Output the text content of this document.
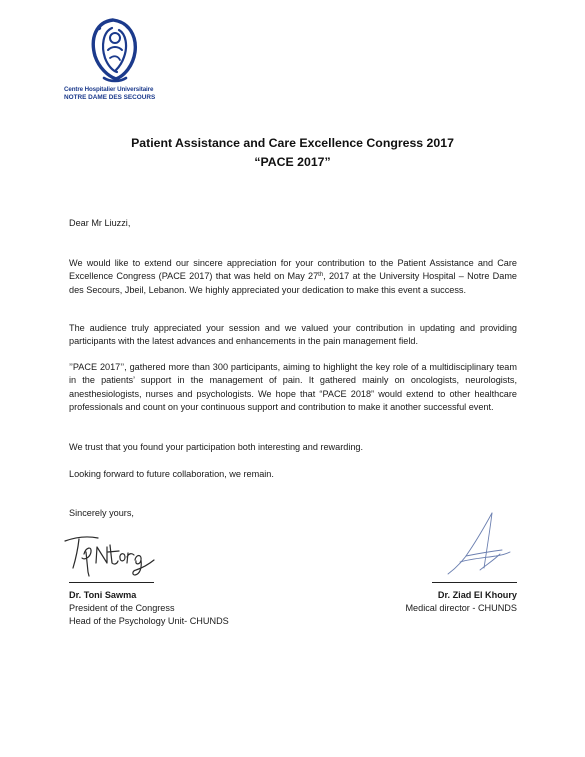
Centre Hospitalier Universitaire
NOTRE DAME DES SECOURS
Patient Assistance and Care Excellence Congress 2017
“PACE 2017”
Dear Mr Liuzzi,
We would like to extend our sincere appreciation for your contribution to the Patient Assistance and Care Excellence Congress (PACE 2017) that was held on May 27th, 2017 at the University Hospital – Notre Dame des Secours, Jbeil, Lebanon. We highly appreciated your dedication to make this event a success.
The audience truly appreciated your session and we valued your contribution in updating and providing participants with the latest advances and enhancements in the pain management field.
’’PACE 2017’’, gathered more than 300 participants, aiming to highlight the key role of a multidisciplinary team in the patients’ support in the management of pain. It gathered mainly on oncologists, neurologists, anesthesiologists, nurses and psychologists. We hope that “PACE 2018” would extend to other healthcare professionals and count on your continuous support and contribution to make it another successful event.
We trust that you found your participation both interesting and rewarding.
Looking forward to future collaboration, we remain.
Sincerely yours,
Dr. Toni Sawma
President of the Congress
Head of the Psychology Unit- CHUNDS
Dr. Ziad El Khoury
Medical director - CHUNDS
